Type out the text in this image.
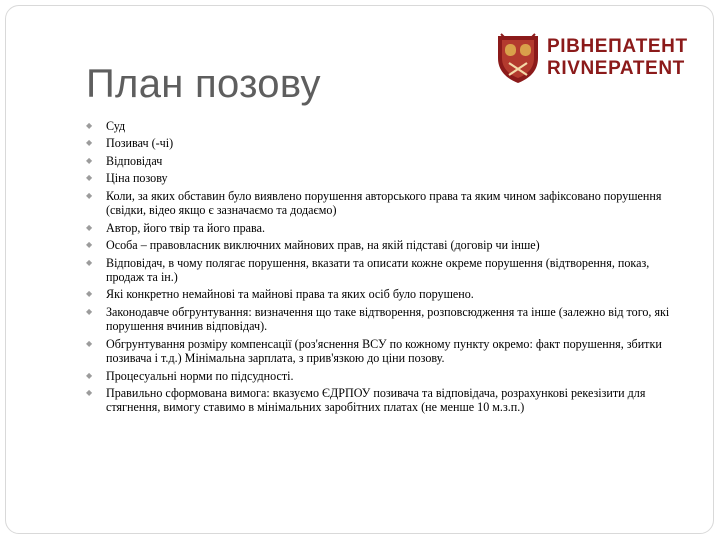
План позову
РІВНЕПАТЕНТ
RIVNEPATENT
◆ Суд
◆ Позивач (-чі)
◆ Відповідач
◆ Ціна позову
◆ Коли, за яких обставин було виявлено порушення авторського права та яким чином зафіксовано порушення (свідки, відео якщо є зазначаємо та додаємо)
◆ Автор, його твір та його права.
◆ Особа – правовласник виключних майнових прав, на якій підставі (договір чи інше)
◆ Відповідач, в чому полягає порушення, вказати та описати кожне окреме порушення (відтворення, показ, продаж та ін.)
◆ Які конкретно немайнові та майнові права та яких осіб було порушено.
◆ Законодавче обгрунтування: визначення що таке відтворення, розповсюдження та інше (залежно від того, які порушення вчинив відповідач).
◆ Обгрунтування розміру компенсації (роз'яснення ВСУ по кожному пункту окремо: факт порушення, збитки позивача і т.д.) Мінімальна зарплата, з прив'язкою до ціни позову.
◆ Процесуальні норми по підсудності.
◆ Правильно сформована вимога: вказуємо ЄДРПОУ позивача та відповідача, розрахункові рекезізити для стягнення, вимогу ставимо в мінімальних заробітних платах (не менше 10 м.з.п.)
